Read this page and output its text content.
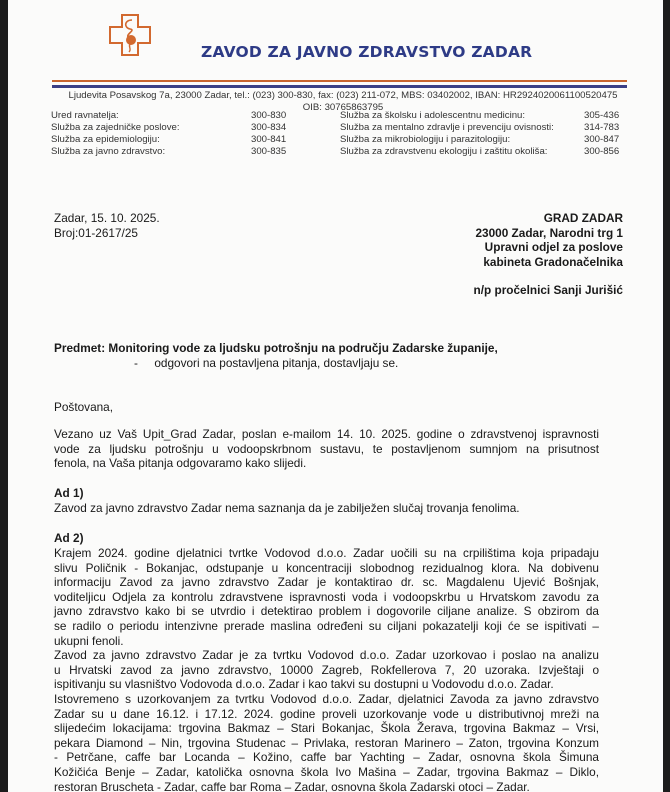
ZAVOD ZA JAVNO ZDRAVSTVO ZADAR
Ljudevita Posavskog 7a, 23000 Zadar, tel.: (023) 300-830, fax: (023) 211-072, MBS: 03402002, IBAN: HR2924020061100520475
OIB: 30765863795
Ured ravnatelja:	300-830
Služba za zajedničke poslove:	300-834
Služba za epidemiologiju:	300-841
Služba za javno zdravstvo:	300-835
Služba za školsku i adolescentnu medicinu:	305-436
Služba za mentalno zdravlje i prevenciju ovisnosti:	314-783
Služba za mikrobiologiju i parazitologiju:	300-847
Služba za zdravstvenu ekologiju i zaštitu okoliša:	300-856
Zadar, 15. 10. 2025.
Broj:01-2617/25
GRAD ZADAR
23000 Zadar, Narodni trg 1
Upravni odjel za poslove
kabineta Gradonačelnika
n/p pročelnici Sanji Jurišić
Predmet: Monitoring vode za ljudsku potrošnju na području Zadarske županije,
- odgovori na postavljena pitanja, dostavljaju se.
Poštovana,
Vezano uz Vaš Upit_Grad Zadar, poslan e-mailom 14. 10. 2025. godine o zdravstvenoj ispravnosti
vode za ljudsku potrošnju u vodoopskrbnom sustavu, te postavljenom sumnjom na prisutnost
fenola, na Vaša pitanja odgovaramo kako slijedi.
Ad 1)
Zavod za javno zdravstvo Zadar nema saznanja da je zabilježen slučaj trovanja fenolima.
Ad 2)
Krajem 2024. godine djelatnici tvrtke Vodovod d.o.o. Zadar uočili su na crpilištima koja pripadaju
slivu Poličnik - Bokanjac, odstupanje u koncentraciji slobodnog rezidualnog klora. Na dobivenu
informaciju Zavod za javno zdravstvo Zadar je kontaktirao dr. sc. Magdalenu Ujević Bošnjak,
voditeljicu Odjela za kontrolu zdravstvene ispravnosti voda i vodoopskrbu u Hrvatskom zavodu za
javno zdravstvo kako bi se utvrdio i detektirao problem i dogovorile ciljane analize. S obzirom da
se radilo o periodu intenzivne prerade maslina određeni su ciljani pokazatelji koji će se ispitivati –
ukupni fenoli.
Zavod za javno zdravstvo Zadar je za tvrtku Vodovod d.o.o. Zadar uzorkovao i poslao na analizu
u Hrvatski zavod za javno zdravstvo, 10000 Zagreb, Rokfellerova 7, 20 uzoraka. Izvještaji o
ispitivanju su vlasništvo Vodovoda d.o.o. Zadar i kao takvi su dostupni u Vodovodu d.o.o. Zadar.
Istovremeno s uzorkovanjem za tvrtku Vodovod d.o.o. Zadar, djelatnici Zavoda za javno zdravstvo
Zadar su u dane 16.12. i 17.12. 2024. godine proveli uzorkovanje vode u distributivnoj mreži na
slijedećim lokacijama: trgovina Bakmaz – Stari Bokanjac, Škola Žerava, trgovina Bakmaz – Vrsi,
pekara Diamond – Nin, trgovina Studenac – Privlaka, restoran Marinero – Zaton, trgovina Konzum
- Petrčane, caffe bar Locanda – Kožino, caffe bar Yachting – Zadar, osnovna škola Šimuna
Kožičića Benje – Zadar, katolička osnovna škola Ivo Mašina – Zadar, trgovina Bakmaz – Diklo,
restoran Bruscheta - Zadar, caffe bar Roma – Zadar, osnovna škola Zadarski otoci – Zadar.
